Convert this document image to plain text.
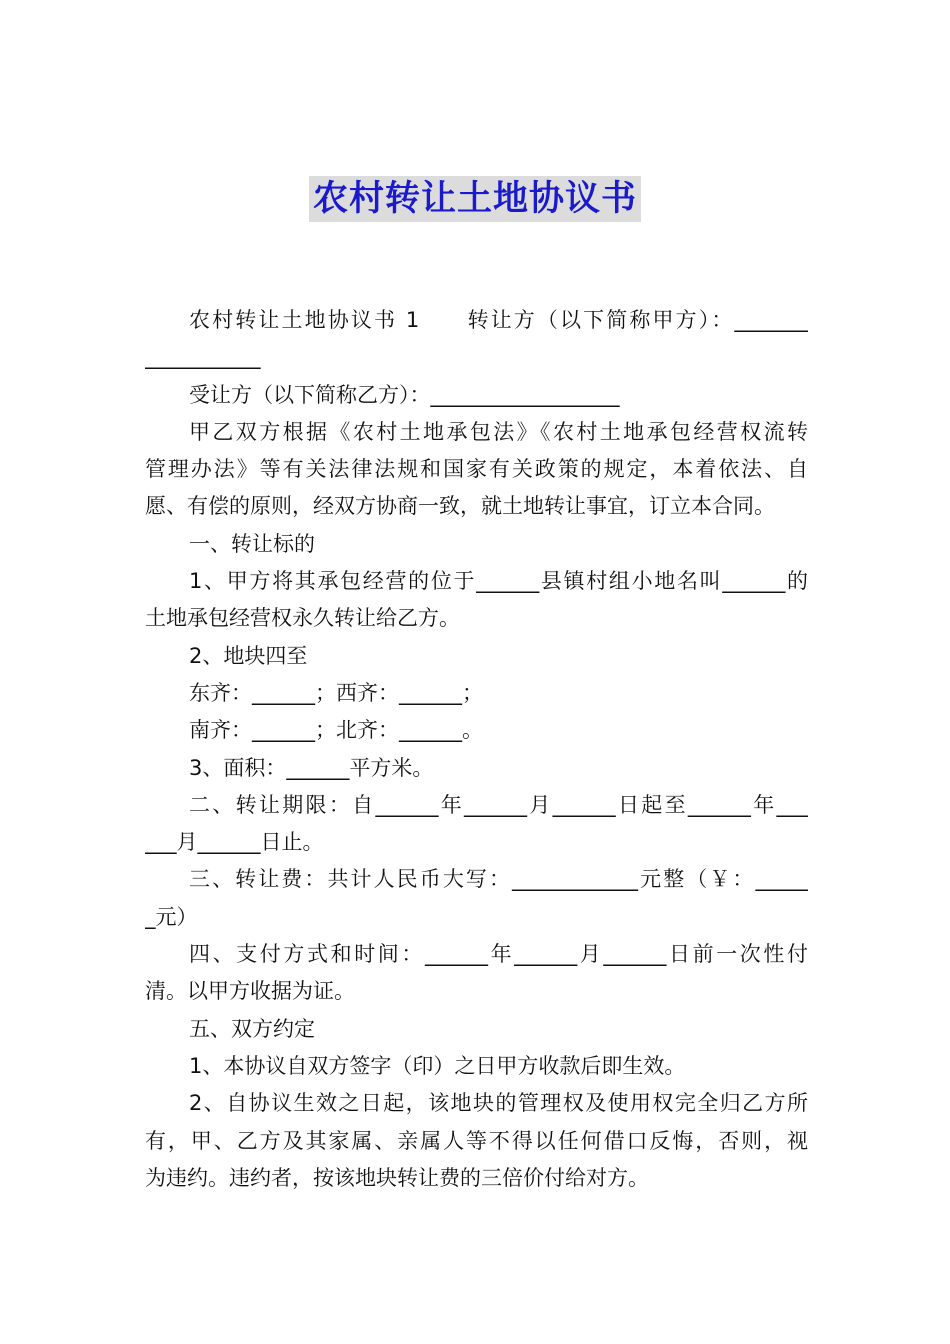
农村转让土地协议书
农村转让土地协议书 1　　转让方（以下简称甲方）：_______
___________
受让方（以下简称乙方）：__________________
甲乙双方根据《农村土地承包法》《农村土地承包经营权流转
管理办法》等有关法律法规和国家有关政策的规定，本着依法、自
愿、有偿的原则，经双方协商一致，就土地转让事宜，订立本合同。
一、转让标的
1、甲方将其承包经营的位于______县镇村组小地名叫______的
土地承包经营权永久转让给乙方。
2、地块四至
东齐：______；西齐：______；
南齐：______；北齐：______。
3、面积：______平方米。
二、转让期限：自______年______月______日起至______年___
___月______日止。
三、转让费：共计人民币大写：____________元整（￥：_____
_元）
四、支付方式和时间：______年______月______日前一次性付
清。以甲方收据为证。
五、双方约定
1、本协议自双方签字（印）之日甲方收款后即生效。
2、自协议生效之日起，该地块的管理权及使用权完全归乙方所
有，甲、乙方及其家属、亲属人等不得以任何借口反悔，否则，视
为违约。违约者，按该地块转让费的三倍价付给对方。
